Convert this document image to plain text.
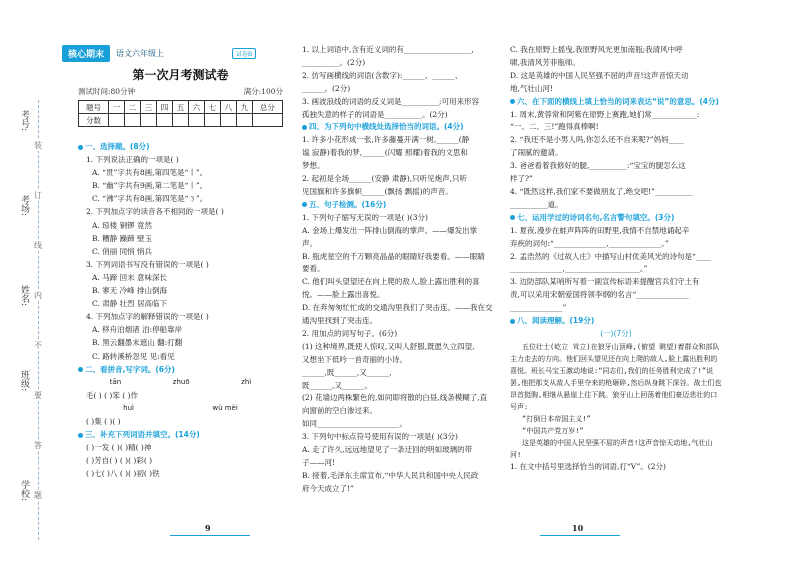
考号:
考场:
姓名:
班级:
学校:
装
订
线
内
不
要
答
题
核心期末	语文六年级上	试卷B
第一次月考测试卷
测试时间:80分钟	满分:100分
题号	一	二	三	四	五	六	七	八	九	总分
分数										
一、选择题。(8分)
1. 下列说法正确的一项是( )
A. “贯”字共有8画,第四笔是“丨”。
B. “幽”字共有9画,第二笔是“丨”。
C. “沸”字共有8画,第四笔是“ㄋ”。
2. 下列加点字的读音各不相同的一项是( )
A. 琼楼 铜锣 竟然
B. 糟静 躁蹄 壁玉
C. 俏丽 同悄 悄兵
3. 下列词语书写没有错误的一项是( )
A. 马蹄 回末 意味深长
B. 寥无 冷峰 排山倒海
C. 肃静 壮烈 居高临下
4. 下列加点字的解释错误的一项是( )
A. 移舟泊烟渚 泊:停船靠岸
B. 黑云翻墨未遮山 翻:打翻
C. 路转溪桥忽见 见:看见
二、看拼音,写字词。(6分)
tān	zhuō	zhì
毛( ) ( )笨 ( )作
huì	wù mèi
( )集 ( )( )
三、补充下列词语并填空。(14分)
( )一发 ( )( )精( )神
( )芳自( ) ( )( )彩( )
( )七( )八 ( )( )初( )铁
1. 以上词语中,含有近义词的有__________________,
__________。(2分)
2. 仿写画横线的词语(含数字):______、______、
______。(2分)
3. 画波浪线的词语的反义词是__________;可用来形容
孤独失意的样子的词语是__________。(2分)
四、为下列句中横线处选择恰当的词语。(4分)
1. 许多小花形成一张,许多藤蔓开满一树,______(静
谧 寂静)着我的梦,______(闪耀 照耀)着我的文思和
梦想。
2. 起初是全场______(安静 肃静),只听见炮声,只听
见国旗和许多旗帜______(飘扬 飘摇)的声音。
五、句子检测。(16分)
1. 下列句子缩写无误的一项是( )(3分)
A. 金场上爆发出一阵排山倒海的掌声。——爆发出掌
声。
B. 瓶虎星空的千万颗亮晶晶的眼睛好我要看。——眼睛
要看。
C. 他们叫头望望还在向上爬的敌人,脸上露出胜利的喜
悦。——脸上露出喜悦。
D. 在奔匆匆忙忙成的交通沟里我们了突击连。——我在交
通沟里找到了突击连。
2. 用加点的词写句子。(6分)
(1) 这种境界,既使人惊叹,又叫人舒服,既愿久立四望,
又想坐下低吟一首奇丽的小诗。
______,既______,又______,
既______,又______。
(2) 花墙边两株繁色的,如同即将散的白昼,线条模糊了,直
向窗前的空白渗过来。
如同______________________。
3. 下列句中标点符号使用有误的一项是( )(3分)
A. 走了许久,远远地望见了一条迂回的明如玻璃的带
子——河!
B. 接着,毛泽东主席宣布,“中华人民共和国中央人民政
府今天成立了!”
C. 我在原野上摇曳,我原野风光更加南瓶;我清风中呼
啸,我清风芳菲瓶师。
D. 这是英雄的中国人民坚强不屈的声音!这声音惊天动
地,气壮山河!
六、在下面的横线上填上恰当的词来表达“说”的意思。(4分)
1. 周末,黄蓉常和阿紫在原野上赛跑,她们常____________:
“一、二、三!”跑得真棒啊!
2. “我还不是小男人吗,你怎么还不自来呢?”妈妈____
了闹腻的邀请。
3. 爸爸看着我修好的腿,__________:“宝宝的腿怎么这
样了?”
4. “既然这样,我们家不要做朋友了,绝交吧!”__________
__________道。
七、运用学过的诗词名句,名言警句填空。(3分)
1. 夏夜,漫步在蛙声阵阵的田野里,我情不自禁地诵起辛
弃疾的词句:“______________,______________。”
2. 孟浩然的《过故人庄》中描写山村优美风光的诗句是“____
______________,____________________。”
3. 边防部队某哨所写着一副宣传标语来提醒官兵们守土有
责,可以采用宋朝爱国将领李纲的名言“______________
______________”
八、阅读理解。(19分)
(一)(7分)
五位壮士(屹立 耸立)在狼牙山顶峰,(俯望 眺望)着群众和部队主力走去的方向。他们回头望见还在向上爬的敌人,脸上露出胜利的喜悦。班长马宝玉激动地说:“同志们,我们的任务胜利完成了!”说罢,他把那支从敌人手里夺来的枪砸碎,然后纵身跳下深谷。战士们也昂首挺胸,相继从悬崖上往下跳。狼牙山上回荡着他们豪迈悲壮的口号声:
“打倒日本帝国主义!”
“中国共产党万岁!”
这是英雄的中国人民坚强不屈的声音!这声音惊天动地,气壮山河!
1. 在文中括号里选择恰当的词语,打“V”。(2分)
9	10
